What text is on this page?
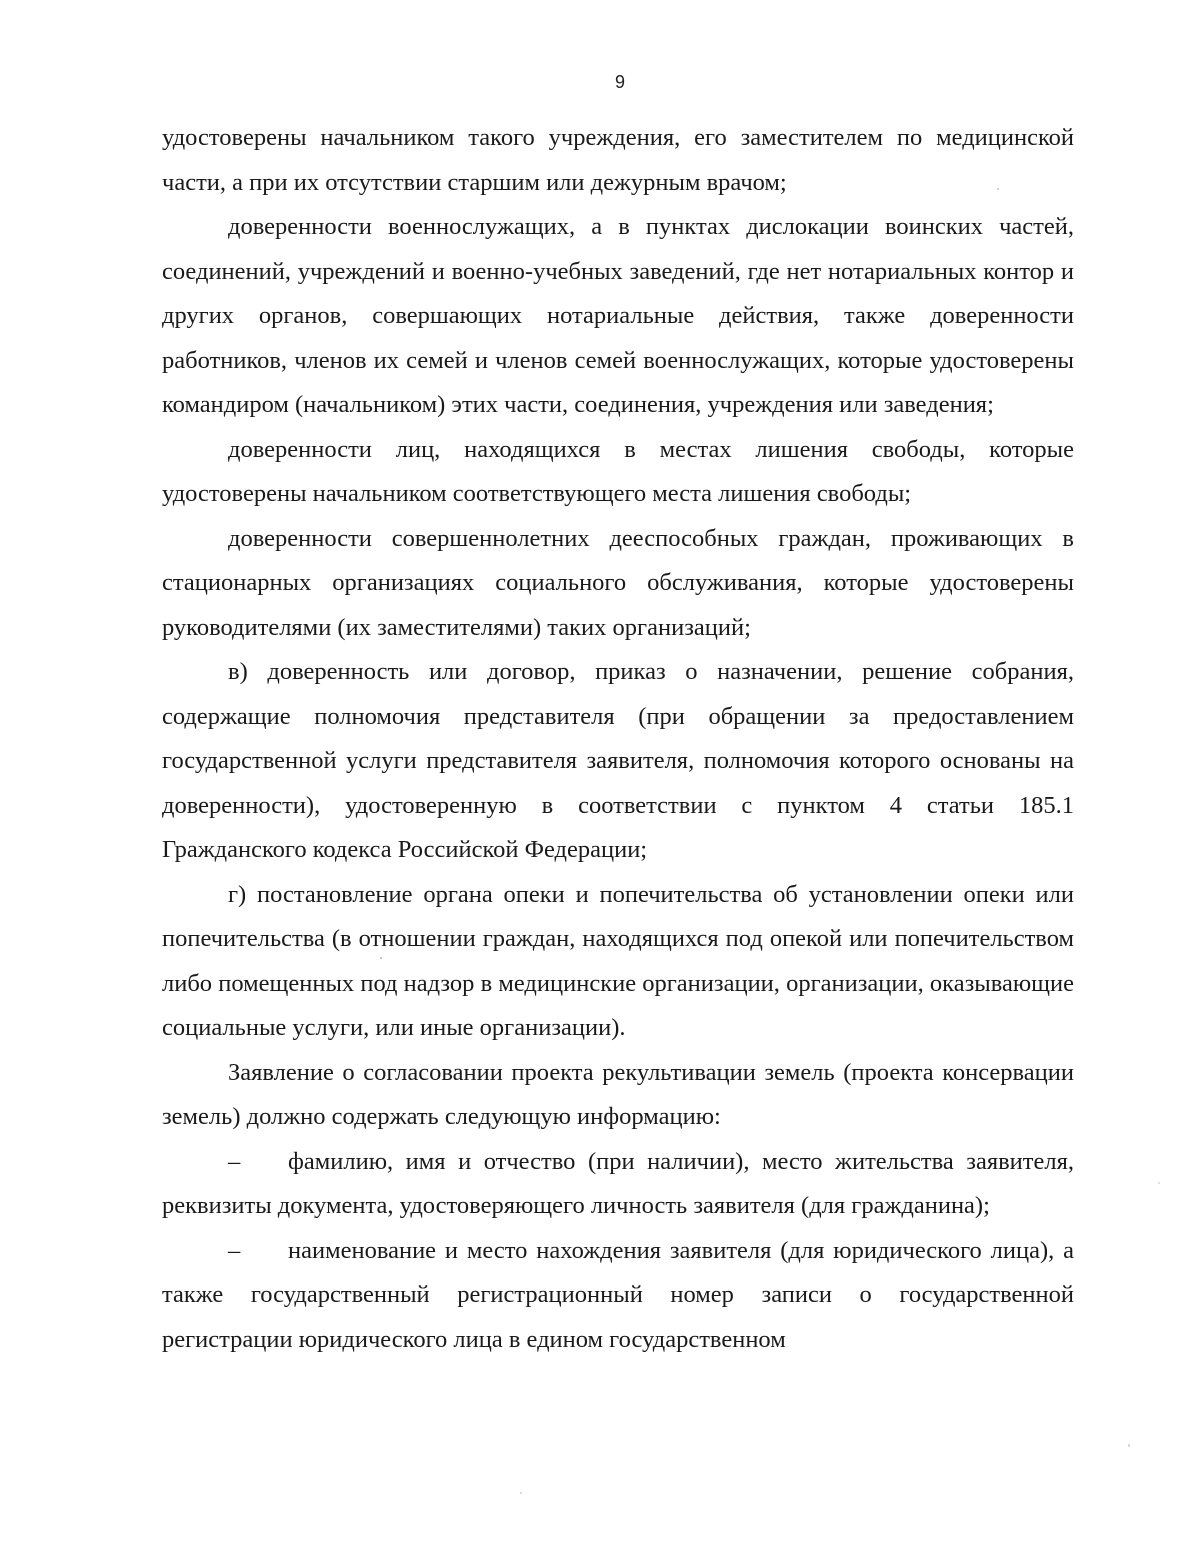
9

удостоверены начальником такого учреждения, его заместителем по медицинской части, а при их отсутствии старшим или дежурным врачом;

доверенности военнослужащих, а в пунктах дислокации воинских частей, соединений, учреждений и военно-учебных заведений, где нет нотариальных контор и других органов, совершающих нотариальные действия, также доверенности работников, членов их семей и членов семей военнослужащих, которые удостоверены командиром (начальником) этих части, соединения, учреждения или заведения;

доверенности лиц, находящихся в местах лишения свободы, которые удостоверены начальником соответствующего места лишения свободы;

доверенности совершеннолетних дееспособных граждан, проживающих в стационарных организациях социального обслуживания, которые удостоверены руководителями (их заместителями) таких организаций;

в) доверенность или договор, приказ о назначении, решение собрания, содержащие полномочия представителя (при обращении за предоставлением государственной услуги представителя заявителя, полномочия которого основаны на доверенности), удостоверенную в соответствии с пунктом 4 статьи 185.1 Гражданского кодекса Российской Федерации;

г) постановление органа опеки и попечительства об установлении опеки или попечительства (в отношении граждан, находящихся под опекой или попечительством либо помещенных под надзор в медицинские организации, организации, оказывающие социальные услуги, или иные организации).

Заявление о согласовании проекта рекультивации земель (проекта консервации земель) должно содержать следующую информацию:

– фамилию, имя и отчество (при наличии), место жительства заявителя, реквизиты документа, удостоверяющего личность заявителя (для гражданина);

– наименование и место нахождения заявителя (для юридического лица), а также государственный регистрационный номер записи о государственной регистрации юридического лица в едином государственном
